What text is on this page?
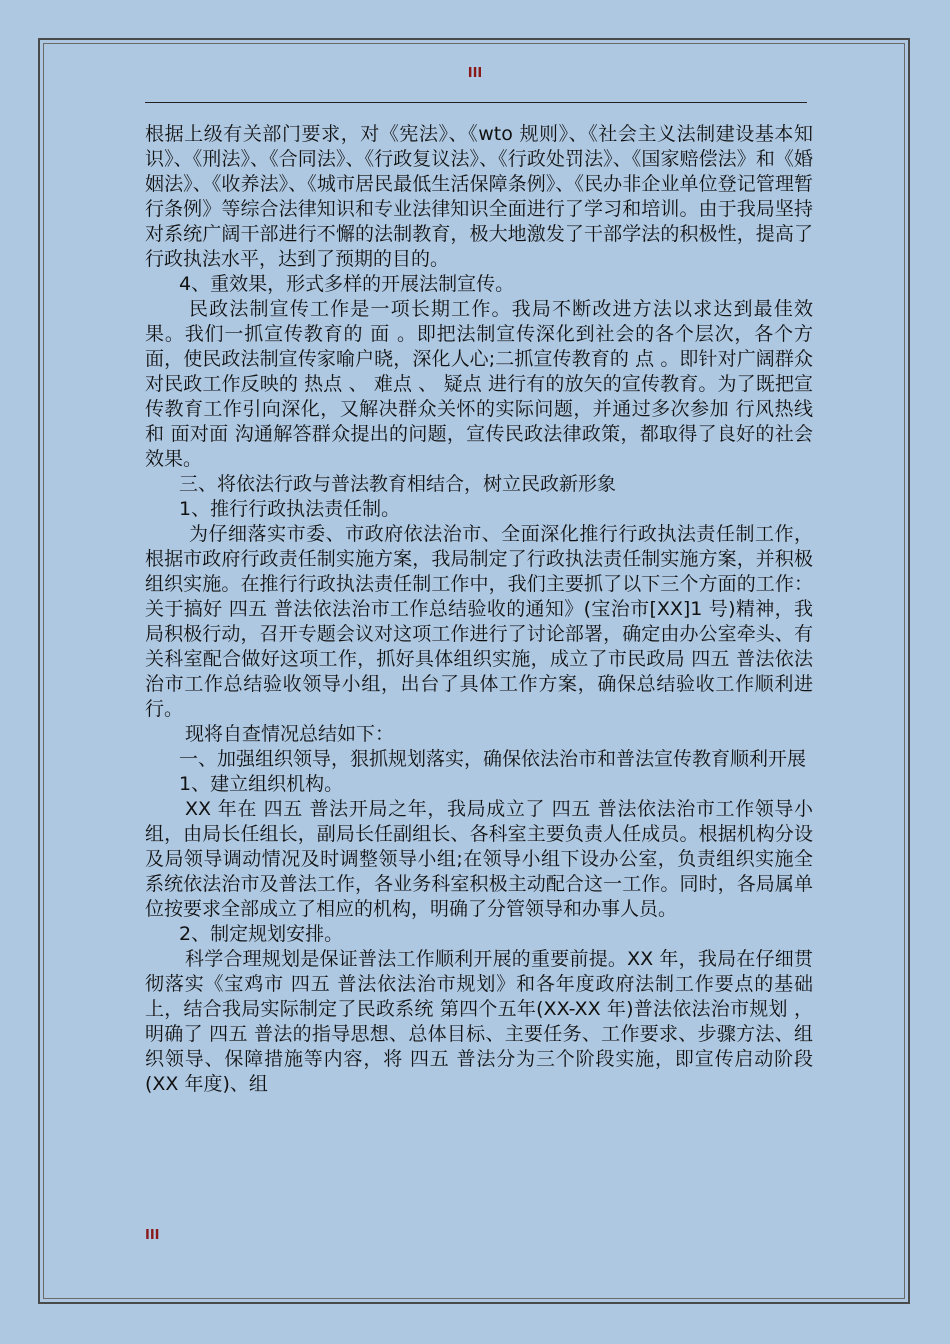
III

根据上级有关部门要求，对《宪法》、《wto 规则》、《社会主义法制建设基本知识》、《刑法》、《合同法》、《行政复议法》、《行政处罚法》、《国家赔偿法》和《婚姻法》、《收养法》、《城市居民最低生活保障条例》、《民办非企业单位登记管理暂行条例》等综合法律知识和专业法律知识全面进行了学习和培训。由于我局坚持对系统广阔干部进行不懈的法制教育，极大地激发了干部学法的积极性，提高了行政执法水平，达到了预期的目的。

4、重效果，形式多样的开展法制宣传。

民政法制宣传工作是一项长期工作。我局不断改进方法以求达到最佳效果。我们一抓宣传教育的 面 。即把法制宣传深化到社会的各个层次，各个方面，使民政法制宣传家喻户晓，深化人心;二抓宣传教育的 点 。即针对广阔群众对民政工作反映的 热点 、 难点 、 疑点 进行有的放矢的宣传教育。为了既把宣传教育工作引向深化，又解决群众关怀的实际问题，并通过多次参加 行风热线 和 面对面 沟通解答群众提出的问题，宣传民政法律政策，都取得了良好的社会效果。

三、将依法行政与普法教育相结合，树立民政新形象

1、推行行政执法责任制。

为仔细落实市委、市政府依法治市、全面深化推行行政执法责任制工作，根据市政府行政责任制实施方案，我局制定了行政执法责任制实施方案，并积极组织实施。在推行行政执法责任制工作中，我们主要抓了以下三个方面的工作：关于搞好 四五 普法依法治市工作总结验收的通知》(宝治市[XX]1 号)精神，我局积极行动，召开专题会议对这项工作进行了讨论部署，确定由办公室牵头、有关科室配合做好这项工作，抓好具体组织实施，成立了市民政局 四五 普法依法治市工作总结验收领导小组，出台了具体工作方案，确保总结验收工作顺利进行。

现将自查情况总结如下：

一、加强组织领导，狠抓规划落实，确保依法治市和普法宣传教育顺利开展

1、建立组织机构。

XX 年在 四五 普法开局之年，我局成立了 四五 普法依法治市工作领导小组，由局长任组长，副局长任副组长、各科室主要负责人任成员。根据机构分设及局领导调动情况及时调整领导小组;在领导小组下设办公室，负责组织实施全系统依法治市及普法工作，各业务科室积极主动配合这一工作。同时，各局属单位按要求全部成立了相应的机构，明确了分管领导和办事人员。

2、制定规划安排。

科学合理规划是保证普法工作顺利开展的重要前提。XX 年，我局在仔细贯彻落实《宝鸡市 四五 普法依法治市规划》和各年度政府法制工作要点的基础上，结合我局实际制定了民政系统 第四个五年(XX-XX 年)普法依法治市规划 ，明确了 四五 普法的指导思想、总体目标、主要任务、工作要求、步骤方法、组织领导、保障措施等内容，将 四五 普法分为三个阶段实施，即宣传启动阶段(XX 年度)、组

III
